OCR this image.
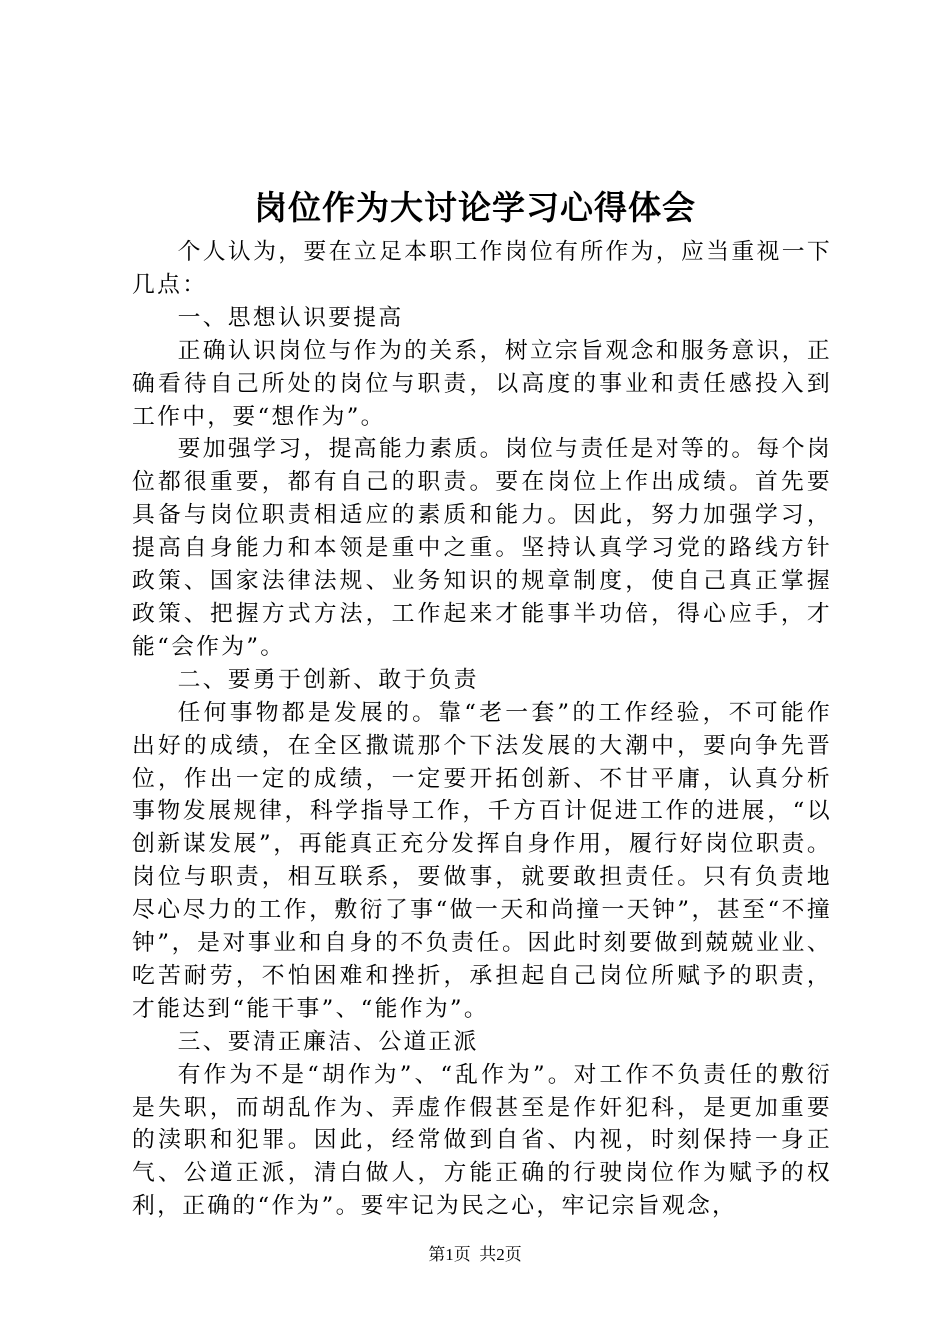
岗位作为大讨论学习心得体会

个人认为，要在立足本职工作岗位有所作为，应当重视一下几点：

一、思想认识要提高

正确认识岗位与作为的关系，树立宗旨观念和服务意识，正确看待自己所处的岗位与职责，以高度的事业和责任感投入到工作中，要“想作为”。

要加强学习，提高能力素质。岗位与责任是对等的。每个岗位都很重要，都有自己的职责。要在岗位上作出成绩。首先要具备与岗位职责相适应的素质和能力。因此，努力加强学习，提高自身能力和本领是重中之重。坚持认真学习党的路线方针政策、国家法律法规、业务知识的规章制度，使自己真正掌握政策、把握方式方法，工作起来才能事半功倍，得心应手，才能“会作为”。

二、要勇于创新、敢于负责

任何事物都是发展的。靠“老一套”的工作经验，不可能作出好的成绩，在全区撒谎那个下法发展的大潮中，要向争先晋位，作出一定的成绩，一定要开拓创新、不甘平庸，认真分析事物发展规律，科学指导工作，千方百计促进工作的进展，“以创新谋发展”，再能真正充分发挥自身作用，履行好岗位职责。岗位与职责，相互联系，要做事，就要敢担责任。只有负责地尽心尽力的工作，敷衍了事“做一天和尚撞一天钟”，甚至“不撞钟”，是对事业和自身的不负责任。因此时刻要做到兢兢业业、吃苦耐劳，不怕困难和挫折，承担起自己岗位所赋予的职责，才能达到“能干事”、“能作为”。

三、要清正廉洁、公道正派

有作为不是“胡作为”、“乱作为”。对工作不负责任的敷衍是失职，而胡乱作为、弄虚作假甚至是作奸犯科，是更加重要的渎职和犯罪。因此，经常做到自省、内视，时刻保持一身正气、公道正派，清白做人，方能正确的行驶岗位作为赋予的权利，正确的“作为”。要牢记为民之心，牢记宗旨观念，

第1页  共2页
